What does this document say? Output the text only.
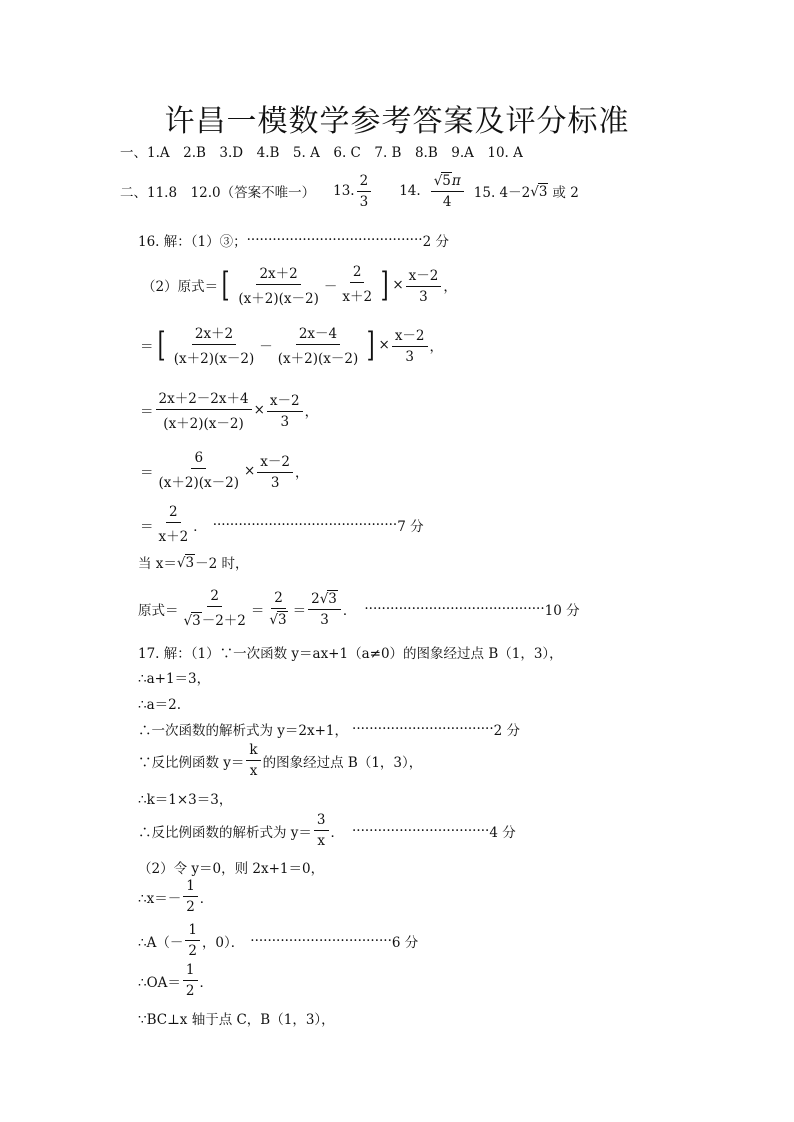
许昌一模数学参考答案及评分标准
一、1.A　2.B　3.D　4.B　5. A　6. C　7. B　8.B　9.A　10. A
二、11.8　12.0（答案不唯一） 13. $\frac{2}{3} 14$. $\frac{√5\pi}{4} 15$. 4－2 √3 或 2
16. 解：（1）③； ········································· 2 分
（2）原式＝ [ $\frac{2x+2}{(x+2)(x-2)} - \frac{2}{x+2}$ ] × $\frac{x-2}{3}$ ，
＝ [ $\frac{2x+2}{(x+2)(x-2)} - \frac{2x-4}{(x+2)(x-2)}$ ] × $\frac{x-2}{3}$ ，
＝ $\frac{2x+2-2x+4}{(x+2)(x-2)} \times \frac{x-2}{3}$ ，
＝ $\frac{6}{(x+2)(x-2)} \times \frac{x-2}{3}$ ，
＝ $\frac{2}{x+2}$ ． ··········································· 7 分
当 x＝ √3 －2 时，
原式＝ $\frac{2}{√3-2+2} = \frac{2}{√3} = \frac{2√3}{3}$ ． ·········································· 10 分
17. 解：（1）∵一次函数 y＝ax+1（a≠0）的图象经过点 B（1，3），
∴a+1＝3，
∴a＝2.
∴一次函数的解析式为 y＝2x+1， ································· 2 分
∵反比例函数 $y= \frac{k}{x}$ 的图象经过点 B（1，3），
∴k＝1×3＝3，
∴反比例函数的解析式为 $y= \frac{3}{x}$ ． ································ 4 分
（2）令 y＝0，则 2x+1＝0，
∴x＝－ $\frac{1}{2}$ ．
∴A（－ $\frac{1}{2}$ ，0）． ································· 6 分
∴OA＝ $\frac{1}{2}$ ．
∵BC⊥x 轴于点 C，B（1，3），
